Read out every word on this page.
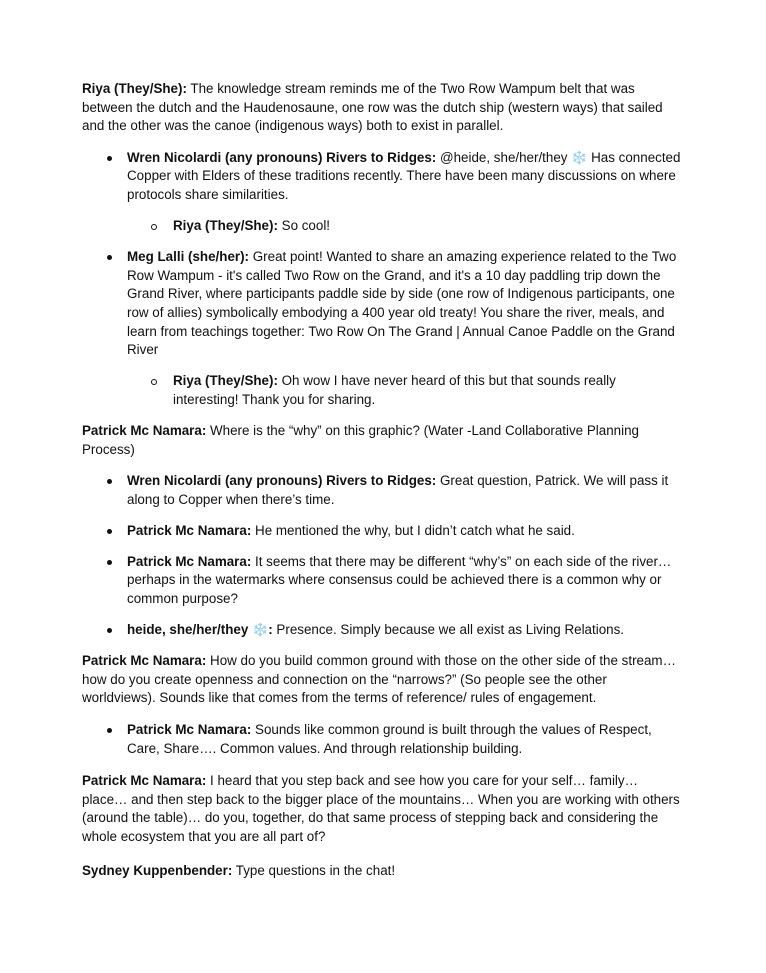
Riya (They/She): The knowledge stream reminds me of the Two Row Wampum belt that was between the dutch and the Haudenosaune, one row was the dutch ship (western ways) that sailed and the other was the canoe (indigenous ways) both to exist in parallel.

Wren Nicolardi (any pronouns) Rivers to Ridges: @heide, she/her/they ❄️ Has connected Copper with Elders of these traditions recently. There have been many discussions on where protocols share similarities.
Riya (They/She): So cool!
Meg Lalli (she/her): Great point! Wanted to share an amazing experience related to the Two Row Wampum - it's called Two Row on the Grand, and it's a 10 day paddling trip down the Grand River, where participants paddle side by side (one row of Indigenous participants, one row of allies) symbolically embodying a 400 year old treaty! You share the river, meals, and learn from teachings together: Two Row On The Grand | Annual Canoe Paddle on the Grand River
Riya (They/She): Oh wow I have never heard of this but that sounds really interesting! Thank you for sharing.

Patrick Mc Namara: Where is the “why” on this graphic? (Water -Land Collaborative Planning Process)

Wren Nicolardi (any pronouns) Rivers to Ridges: Great question, Patrick. We will pass it along to Copper when there’s time.
Patrick Mc Namara: He mentioned the why, but I didn’t catch what he said.
Patrick Mc Namara: It seems that there may be different “why’s” on each side of the river… perhaps in the watermarks where consensus could be achieved there is a common why or common purpose?
heide, she/her/they ❄️: Presence. Simply because we all exist as Living Relations.

Patrick Mc Namara: How do you build common ground with those on the other side of the stream… how do you create openness and connection on the “narrows?” (So people see the other worldviews). Sounds like that comes from the terms of reference/ rules of engagement.

Patrick Mc Namara: Sounds like common ground is built through the values of Respect, Care, Share…. Common values. And through relationship building.

Patrick Mc Namara: I heard that you step back and see how you care for your self… family… place… and then step back to the bigger place of the mountains… When you are working with others (around the table)… do you, together, do that same process of stepping back and considering the whole ecosystem that you are all part of?

Sydney Kuppenbender: Type questions in the chat!
